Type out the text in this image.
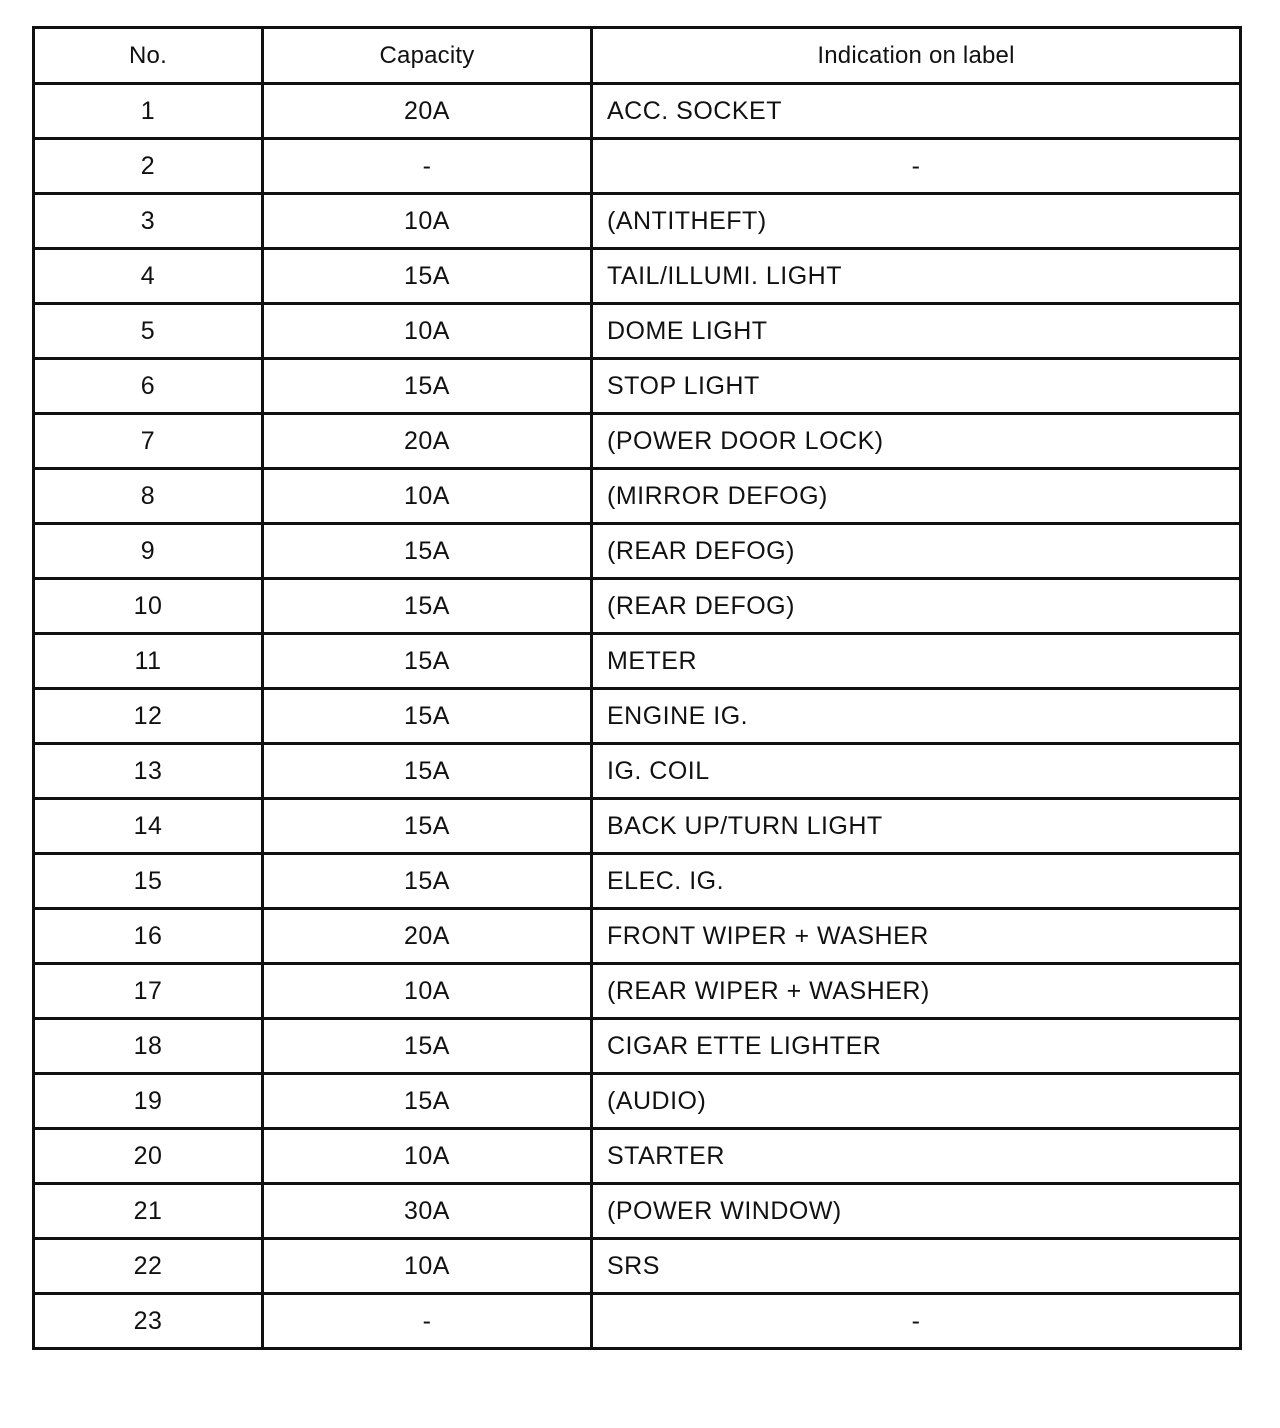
No.	Capacity	Indication on label
1	20A	ACC. SOCKET
2	-	-
3	10A	(ANTITHEFT)
4	15A	TAIL/ILLUMI. LIGHT
5	10A	DOME LIGHT
6	15A	STOP LIGHT
7	20A	(POWER DOOR LOCK)
8	10A	(MIRROR DEFOG)
9	15A	(REAR DEFOG)
10	15A	(REAR DEFOG)
11	15A	METER
12	15A	ENGINE IG.
13	15A	IG. COIL
14	15A	BACK UP/TURN LIGHT
15	15A	ELEC. IG.
16	20A	FRONT WIPER + WASHER
17	10A	(REAR WIPER + WASHER)
18	15A	CIGAR ETTE LIGHTER
19	15A	(AUDIO)
20	10A	STARTER
21	30A	(POWER WINDOW)
22	10A	SRS
23	-	-
